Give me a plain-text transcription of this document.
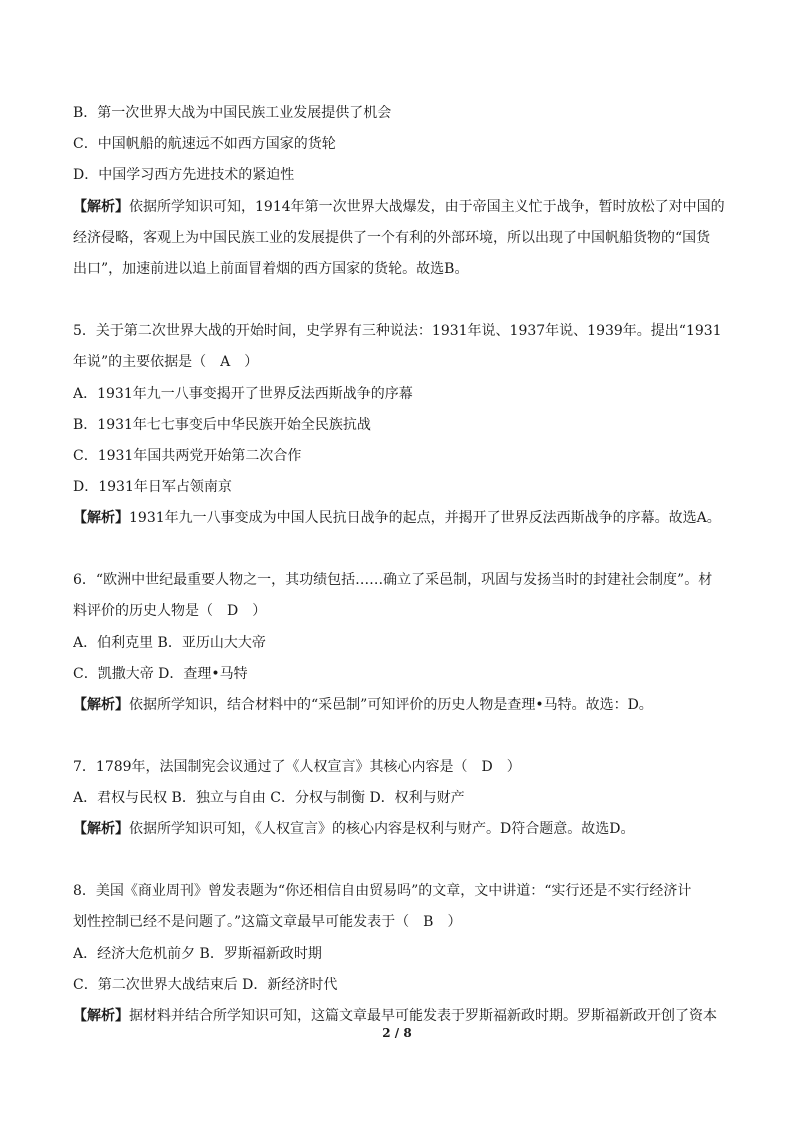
B．第一次世界大战为中国民族工业发展提供了机会
C．中国帆船的航速远不如西方国家的货轮
D．中国学习西方先进技术的紧迫性
【解析】依据所学知识可知，1914年第一次世界大战爆发，由于帝国主义忙于战争，暂时放松了对中国的
经济侵略，客观上为中国民族工业的发展提供了一个有利的外部环境，所以出现了中国帆船货物的“国货
出口”，加速前进以追上前面冒着烟的西方国家的货轮。故选B。
5．关于第二次世界大战的开始时间，史学界有三种说法：1931年说、1937年说、1939年。提出“1931
年说”的主要依据是（　A　）
A．1931年九一八事变揭开了世界反法西斯战争的序幕
B．1931年七七事变后中华民族开始全民族抗战
C．1931年国共两党开始第二次合作
D．1931年日军占领南京
【解析】1931年九一八事变成为中国人民抗日战争的起点，并揭开了世界反法西斯战争的序幕。故选A。
6．“欧洲中世纪最重要人物之一，其功绩包括……确立了采邑制，巩固与发扬当时的封建社会制度”。材
料评价的历史人物是（　D　）
A．伯利克里 B．亚历山大大帝
C．凯撒大帝 D．查理•马特
【解析】依据所学知识，结合材料中的“采邑制”可知评价的历史人物是查理•马特。故选：D。
7．1789年，法国制宪会议通过了《人权宣言》其核心内容是（　D　）
A．君权与民权 B．独立与自由 C．分权与制衡 D．权利与财产
【解析】依据所学知识可知，《人权宣言》的核心内容是权利与财产。D符合题意。故选D。
8．美国《商业周刊》曾发表题为“你还相信自由贸易吗”的文章，文中讲道：“实行还是不实行经济计
划性控制已经不是问题了。”这篇文章最早可能发表于（　B　）
A．经济大危机前夕 B．罗斯福新政时期
C．第二次世界大战结束后 D．新经济时代
【解析】据材料并结合所学知识可知，这篇文章最早可能发表于罗斯福新政时期。罗斯福新政开创了资本
2 / 8
